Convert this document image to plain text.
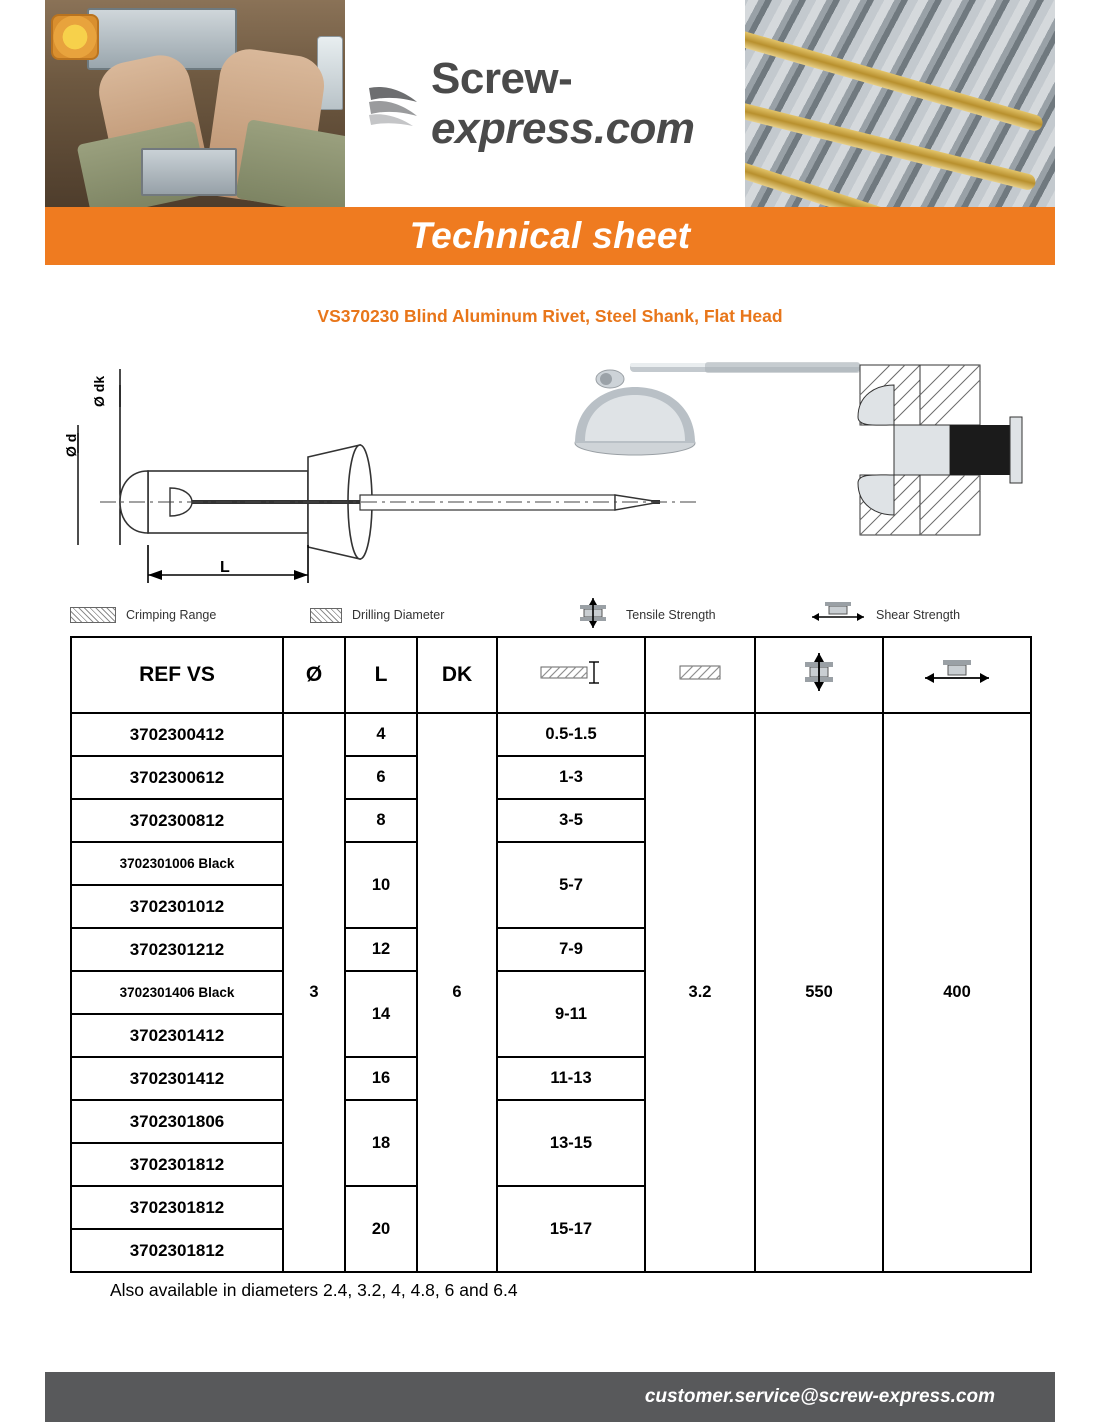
Screw-express.com
Technical sheet
VS370230 Blind Aluminum Rivet, Steel Shank, Flat Head
Ø dk
Ø d
L
Crimping Range	Drilling Diameter	Tensile Strength	Shear Strength
REF VS	Ø	L	DK				
3702300412	3	4	6	0.5-1.5	3.2	550	400
3702300612		6		1-3			
3702300812		8		3-5			
3702301006 Black		10		5-7			
3702301012							
3702301212		12		7-9			
3702301406 Black		14		9-11			
3702301412							
3702301412		16		11-13			
3702301806		18		13-15			
3702301812							
3702301812		20		15-17			
3702301812							
Also available in diameters 2.4, 3.2, 4, 4.8, 6 and 6.4
customer.service@screw-express.com
